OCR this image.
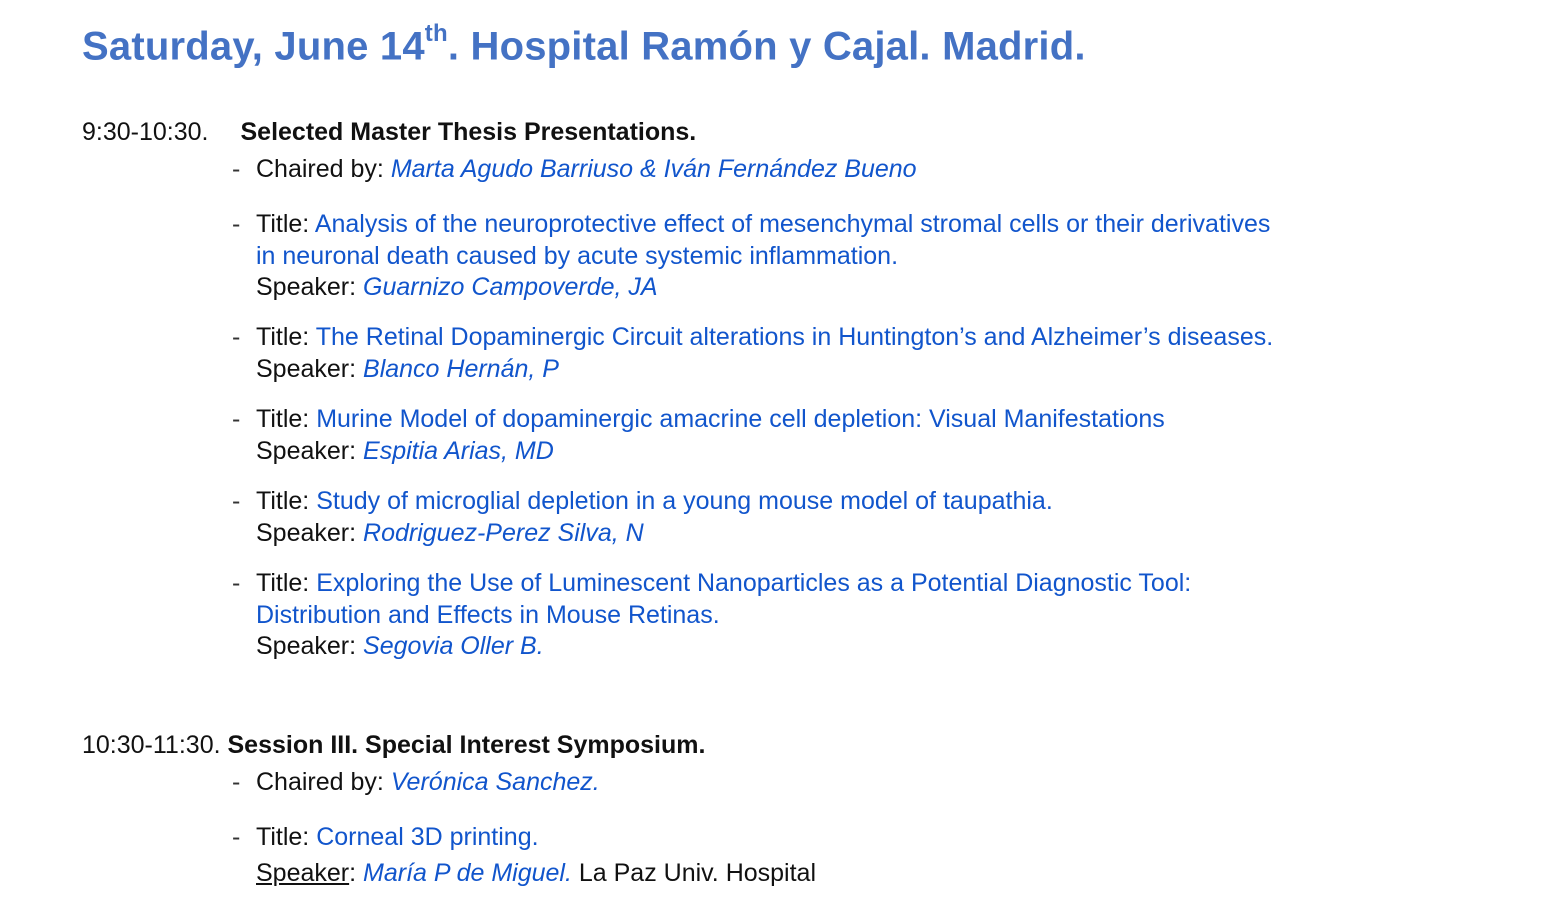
Saturday, June 14th. Hospital Ramón y Cajal. Madrid.
9:30-10:30. Selected Master Thesis Presentations.
- Chaired by: Marta Agudo Barriuso & Iván Fernández Bueno
- Title: Analysis of the neuroprotective effect of mesenchymal stromal cells or their derivatives
in neuronal death caused by acute systemic inflammation.
Speaker: Guarnizo Campoverde, JA
- Title: The Retinal Dopaminergic Circuit alterations in Huntington’s and Alzheimer’s diseases.
Speaker: Blanco Hernán, P
- Title: Murine Model of dopaminergic amacrine cell depletion: Visual Manifestations
Speaker: Espitia Arias, MD
- Title: Study of microglial depletion in a young mouse model of taupathia.
Speaker: Rodriguez-Perez Silva, N
- Title: Exploring the Use of Luminescent Nanoparticles as a Potential Diagnostic Tool:
Distribution and Effects in Mouse Retinas.
Speaker: Segovia Oller B.
10:30-11:30. Session III. Special Interest Symposium.
- Chaired by: Verónica Sanchez.
- Title: Corneal 3D printing.
Speaker: María P de Miguel. La Paz Univ. Hospital
